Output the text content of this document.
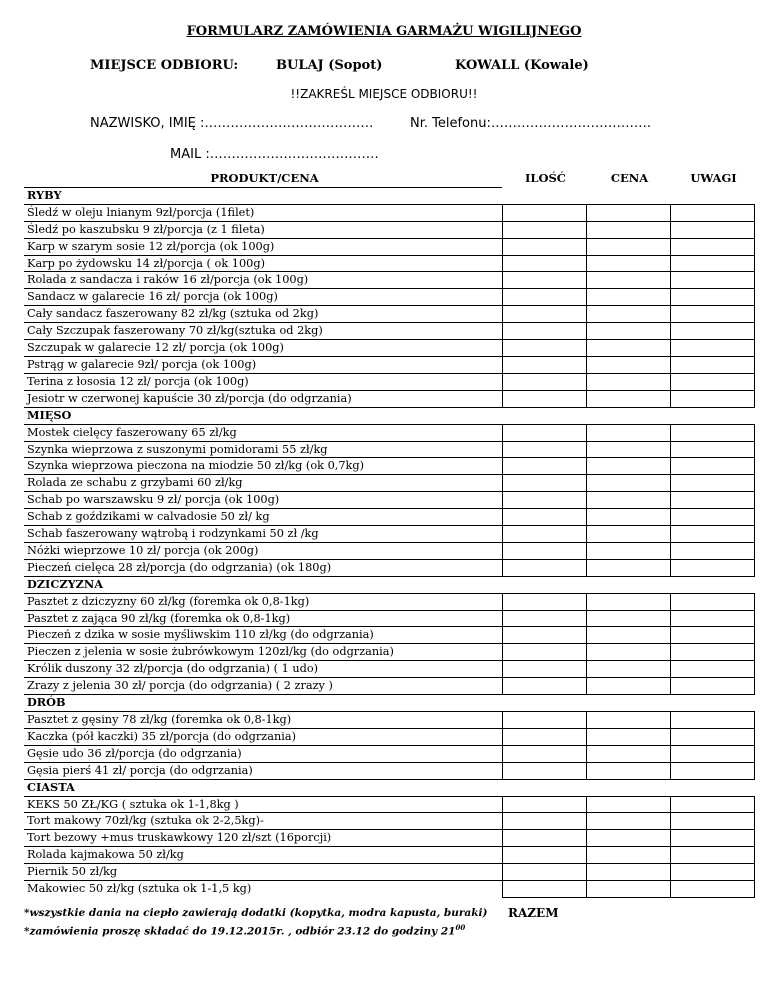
FORMULARZ ZAMÓWIENIA GARMAŻU WIGILIJNEGO
MIEJSCE ODBIORU:	BULAJ (Sopot)	KOWALL (Kowale)
!!ZAKREŚL MIEJSCE ODBIORU!!
NAZWISKO, IMIĘ :…………………………………	Nr. Telefonu:……………………………….
MAIL :…………………………………
PRODUKT/CENA	ILOŚĆ	CENA	UWAGI
RYBY			
Śledź w oleju lnianym 9zł/porcja (1filet)			
Śledź po kaszubsku 9 zł/porcja (z 1 fileta)			
Karp w szarym sosie 12 zł/porcja (ok 100g)			
Karp po żydowsku 14 zł/porcja ( ok 100g)			
Rolada z sandacza i raków 16 zł/porcja (ok 100g)			
Sandacz w galarecie 16 zł/ porcja (ok 100g)			
Cały sandacz faszerowany 82 zł/kg (sztuka od 2kg)			
Cały Szczupak faszerowany 70 zł/kg(sztuka od 2kg)			
Szczupak w galarecie 12 zł/ porcja (ok 100g)			
Pstrąg w galarecie 9zł/ porcja (ok 100g)			
Terina z łososia 12 zł/ porcja (ok 100g)			
Jesiotr w czerwonej kapuście 30 zł/porcja (do odgrzania)			
MIĘSO			
Mostek cielęcy faszerowany 65 zł/kg			
Szynka wieprzowa z suszonymi pomidorami 55 zł/kg			
Szynka wieprzowa pieczona na miodzie 50 zł/kg (ok 0,7kg)			
Rolada ze schabu z grzybami 60 zł/kg			
Schab po warszawsku 9 zł/ porcja (ok 100g)			
Schab z goździkami w calvadosie 50 zł/ kg			
Schab faszerowany wątrobą i rodzynkami 50 zł /kg			
Nóżki wieprzowe 10 zł/ porcja (ok 200g)			
Pieczeń cielęca 28 zł/porcja (do odgrzania) (ok 180g)			
DZICZYZNA			
Pasztet z dziczyzny 60 zł/kg (foremka ok 0,8-1kg)			
Pasztet z zająca 90 zł/kg (foremka ok 0,8-1kg)			
Pieczeń z dzika w sosie myśliwskim 110 zł/kg (do odgrzania)			
Pieczen z jelenia w sosie żubrówkowym 120zł/kg (do odgrzania)			
Królik duszony 32 zł/porcja (do odgrzania) ( 1 udo)			
Zrazy z jelenia 30 zł/ porcja (do odgrzania) ( 2 zrazy )			
DRÓB			
Pasztet z gęsiny 78 zł/kg (foremka ok 0,8-1kg)			
Kaczka (pół kaczki) 35 zł/porcja (do odgrzania)			
Gęsie udo 36 zł/porcja (do odgrzania)			
Gęsia pierś 41 zł/ porcja (do odgrzania)			
CIASTA			
KEKS 50 ZŁ/KG ( sztuka ok 1-1,8kg )			
Tort makowy 70zł/kg (sztuka ok 2-2,5kg)-			
Tort bezowy +mus truskawkowy 120 zł/szt (16porcji)			
Rolada kajmakowa 50 zł/kg			
Piernik 50 zł/kg			
Makowiec 50 zł/kg (sztuka ok 1-1,5 kg)			
*wszystkie dania na ciepło zawierają dodatki (kopytka, modra kapusta, buraki)
*zamówienia proszę składać do 19.12.2015r. , odbiór 23.12 do godziny $21^{00}$
RAZEM
